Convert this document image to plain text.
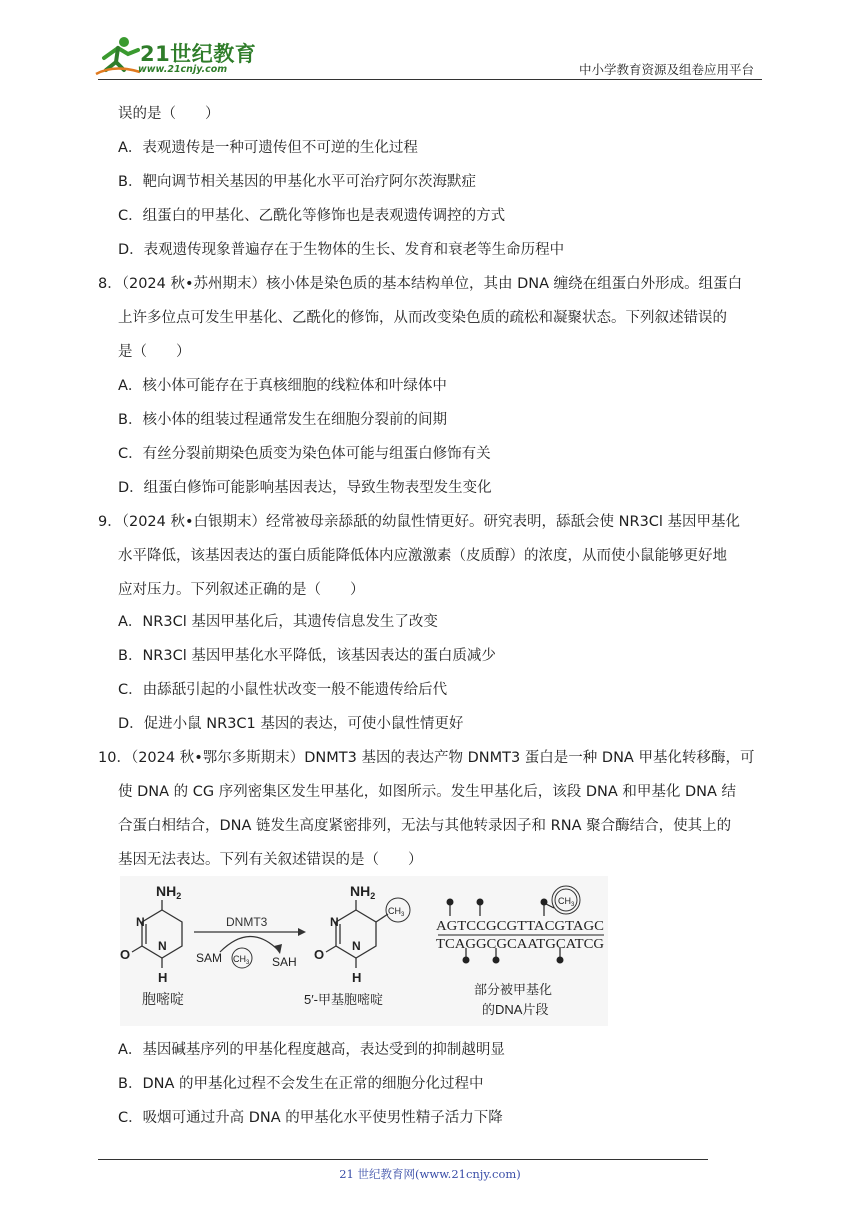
21世纪教育
www.21cnjy.com	中小学教育资源及组卷应用平台
误的是（　　）
A．表观遗传是一种可遗传但不可逆的生化过程
B．靶向调节相关基因的甲基化水平可治疗阿尔茨海默症
C．组蛋白的甲基化、乙酰化等修饰也是表观遗传调控的方式
D．表观遗传现象普遍存在于生物体的生长、发育和衰老等生命历程中
8．（2024 秋•苏州期末）核小体是染色质的基本结构单位，其由 DNA 缠绕在组蛋白外形成。组蛋白
上许多位点可发生甲基化、乙酰化的修饰，从而改变染色质的疏松和凝聚状态。下列叙述错误的
是（　　）
A．核小体可能存在于真核细胞的线粒体和叶绿体中
B．核小体的组装过程通常发生在细胞分裂前的间期
C．有丝分裂前期染色质变为染色体可能与组蛋白修饰有关
D．组蛋白修饰可能影响基因表达，导致生物表型发生变化
9．（2024 秋•白银期末）经常被母亲舔舐的幼鼠性情更好。研究表明，舔舐会使 NR3Cl 基因甲基化
水平降低，该基因表达的蛋白质能降低体内应激激素（皮质醇）的浓度，从而使小鼠能够更好地
应对压力。下列叙述正确的是（　　）
A．NR3Cl 基因甲基化后，其遗传信息发生了改变
B．NR3Cl 基因甲基化水平降低，该基因表达的蛋白质减少
C．由舔舐引起的小鼠性状改变一般不能遗传给后代
D．促进小鼠 NR3C1 基因的表达，可使小鼠性情更好
10．（2024 秋•鄂尔多斯期末）DNMT3 基因的表达产物 DNMT3 蛋白是一种 DNA 甲基化转移酶，可
使 DNA 的 CG 序列密集区发生甲基化，如图所示。发生甲基化后，该段 DNA 和甲基化 DNA 结
合蛋白相结合，DNA 链发生高度紧密排列，无法与其他转录因子和 RNA 聚合酶结合，使其上的
基因无法表达。下列有关叙述错误的是（　　）
$NH_2$
N
N
O
H
胞嘧啶
DNMT3
SAM $CH_3$ SAH
$NH_2$
N
N
O
H
$CH_3$
5′-甲基胞嘧啶
$CH_3$
AGTCCGCGTTACGTAGC
TCAGGCGCAATGCATCG
部分被甲基化
的DNA片段
A．基因碱基序列的甲基化程度越高，表达受到的抑制越明显
B．DNA 的甲基化过程不会发生在正常的细胞分化过程中
C．吸烟可通过升高 DNA 的甲基化水平使男性精子活力下降
21 世纪教育网(www.21cnjy.com)
